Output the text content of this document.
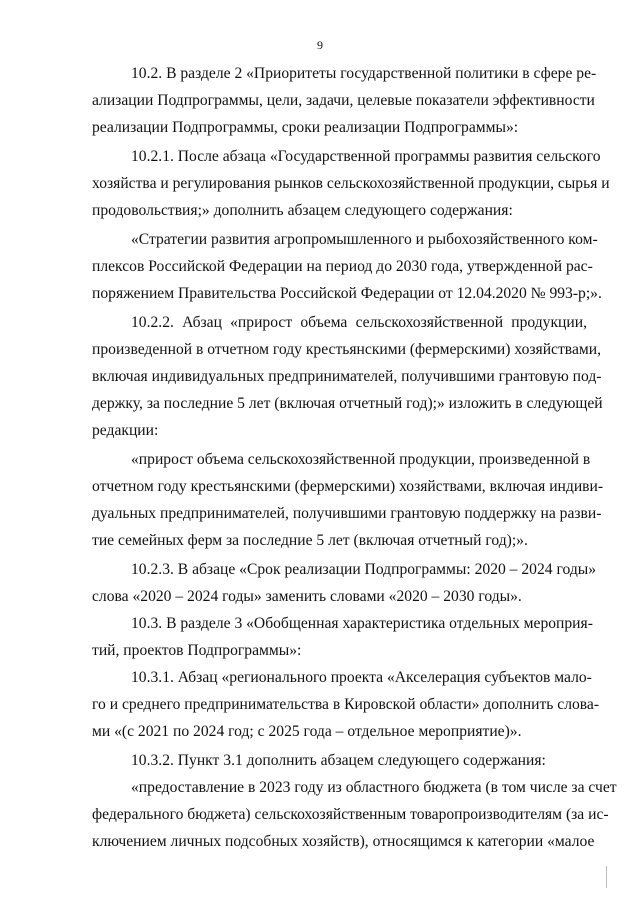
9
10.2. В разделе 2 «Приоритеты государственной политики в сфере ре-
ализации Подпрограммы, цели, задачи, целевые показатели эффективности
реализации Подпрограммы, сроки реализации Подпрограммы»:
10.2.1. После абзаца «Государственной программы развития сельского
хозяйства и регулирования рынков сельскохозяйственной продукции, сырья и
продовольствия;» дополнить абзацем следующего содержания:
«Стратегии развития агропромышленного и рыбохозяйственного ком-
плексов Российской Федерации на период до 2030 года, утвержденной рас-
поряжением Правительства Российской Федерации от 12.04.2020 № 993-р;».
10.2.2. Абзац «прирост объема сельскохозяйственной продукции,
произведенной в отчетном году крестьянскими (фермерскими) хозяйствами,
включая индивидуальных предпринимателей, получившими грантовую под-
держку, за последние 5 лет (включая отчетный год);» изложить в следующей
редакции:
«прирост объема сельскохозяйственной продукции, произведенной в
отчетном году крестьянскими (фермерскими) хозяйствами, включая индиви-
дуальных предпринимателей, получившими грантовую поддержку на разви-
тие семейных ферм за последние 5 лет (включая отчетный год);».
10.2.3. В абзаце «Срок реализации Подпрограммы: 2020 – 2024 годы»
слова «2020 – 2024 годы» заменить словами «2020 – 2030 годы».
10.3. В разделе 3 «Обобщенная характеристика отдельных мероприя-
тий, проектов Подпрограммы»:
10.3.1. Абзац «регионального проекта «Акселерация субъектов мало-
го и среднего предпринимательства в Кировской области» дополнить слова-
ми «(с 2021 по 2024 год; с 2025 года – отдельное мероприятие)».
10.3.2. Пункт 3.1 дополнить абзацем следующего содержания:
«предоставление в 2023 году из областного бюджета (в том числе за счет
федерального бюджета) сельскохозяйственным товаропроизводителям (за ис-
ключением личных подсобных хозяйств), относящимся к категории «малое
